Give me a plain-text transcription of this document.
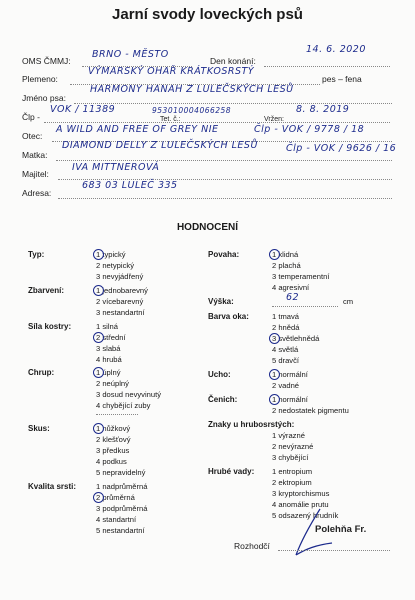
Jarní svody loveckých psů
OMS ČMMJ:
BRNO - MĚSTO
Den konání:
14. 6. 2020
Plemeno:
VÝMARSKÝ OHAŘ KRÁTKOSRSTÝ
pes – fena
Jméno psa:
HARMONY HANAH Z LULEČSKÝCH LESŮ
Člp -
VOK / 11389	953010004066258	8. 8. 2019
Tet. č.:	Vržen:
Otec:
A WILD AND FREE OF GREY NIE	Člp - VOK / 9778 / 18
Matka:
DIAMOND DELLY Z LULEČSKÝCH LESŮ	Člp - VOK / 9626 / 16
Majitel:
IVA MITTNEROVÁ
Adresa:
683 03 LULEČ 335
HODNOCENÍ
Typ:	1 typický
2 netypický
3 nevyjádřený
Zbarvení:	1 jednobarevný
2 vícebarevný
3 nestandartní
Síla kostry:	1 silná
2 střední
3 slabá
4 hrubá
Chrup:	1 úplný
2 neúplný
3 dosud nevyvinutý
4 chybějící zuby
Skus:	1 nůžkový
2 klešťový
3 předkus
4 podkus
5 nepravidelný
Kvalita srsti:	1 nadprůměrná
2 průměrná
3 podprůměrná
4 standartní
5 nestandartní
Povaha:	1 klidná
2 plachá
3 temperamentní
4 agresivní
Výška:	62	cm
Barva oka:	1 tmavá
2 hnědá
3 světlehnědá
4 světlá
5 dravčí
Ucho:	1 normální
2 vadné
Čenich:	1 normální
2 nedostatek pigmentu
Znaky u hrubosrstých:
1 výrazné
2 nevýrazné
3 chybějící
Hrubé vady: 1 entropium
2 ektropium
3 kryptorchismus
4 anomálie prutu
5 odsazený hrudník
Polehňa Fr.
Rozhodčí
